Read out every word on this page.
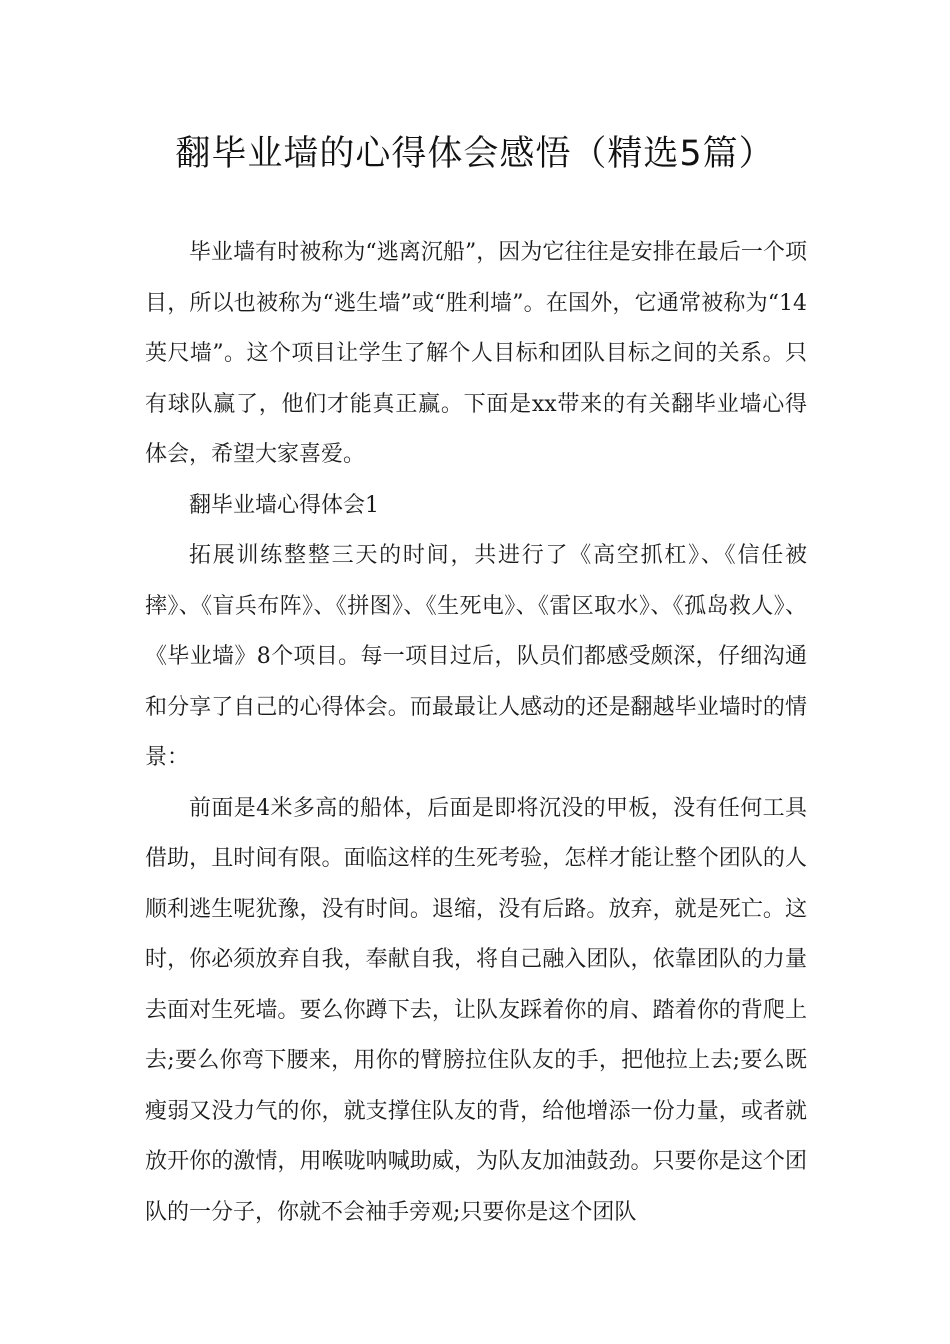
翻毕业墙的心得体会感悟（精选5篇）

毕业墙有时被称为“逃离沉船”，因为它往往是安排在最后一个项目，所以也被称为“逃生墙”或“胜利墙”。在国外，它通常被称为“14英尺墙”。这个项目让学生了解个人目标和团队目标之间的关系。只有球队赢了，他们才能真正赢。下面是xx带来的有关翻毕业墙心得体会，希望大家喜爱。

翻毕业墙心得体会1

拓展训练整整三天的时间，共进行了《高空抓杠》、《信任被摔》、《盲兵布阵》、《拼图》、《生死电》、《雷区取水》、《孤岛救人》、《毕业墙》8个项目。每一项目过后，队员们都感受颇深，仔细沟通和分享了自己的心得体会。而最最让人感动的还是翻越毕业墙时的情景：

前面是4米多高的船体，后面是即将沉没的甲板，没有任何工具借助，且时间有限。面临这样的生死考验，怎样才能让整个团队的人顺利逃生呢犹豫，没有时间。退缩，没有后路。放弃，就是死亡。这时，你必须放弃自我，奉献自我，将自己融入团队，依靠团队的力量去面对生死墙。要么你蹲下去，让队友踩着你的肩、踏着你的背爬上去;要么你弯下腰来，用你的臂膀拉住队友的手，把他拉上去;要么既瘦弱又没力气的你，就支撑住队友的背，给他增添一份力量，或者就放开你的激情，用喉咙呐喊助威，为队友加油鼓劲。只要你是这个团队的一分子，你就不会袖手旁观;只要你是这个团队
